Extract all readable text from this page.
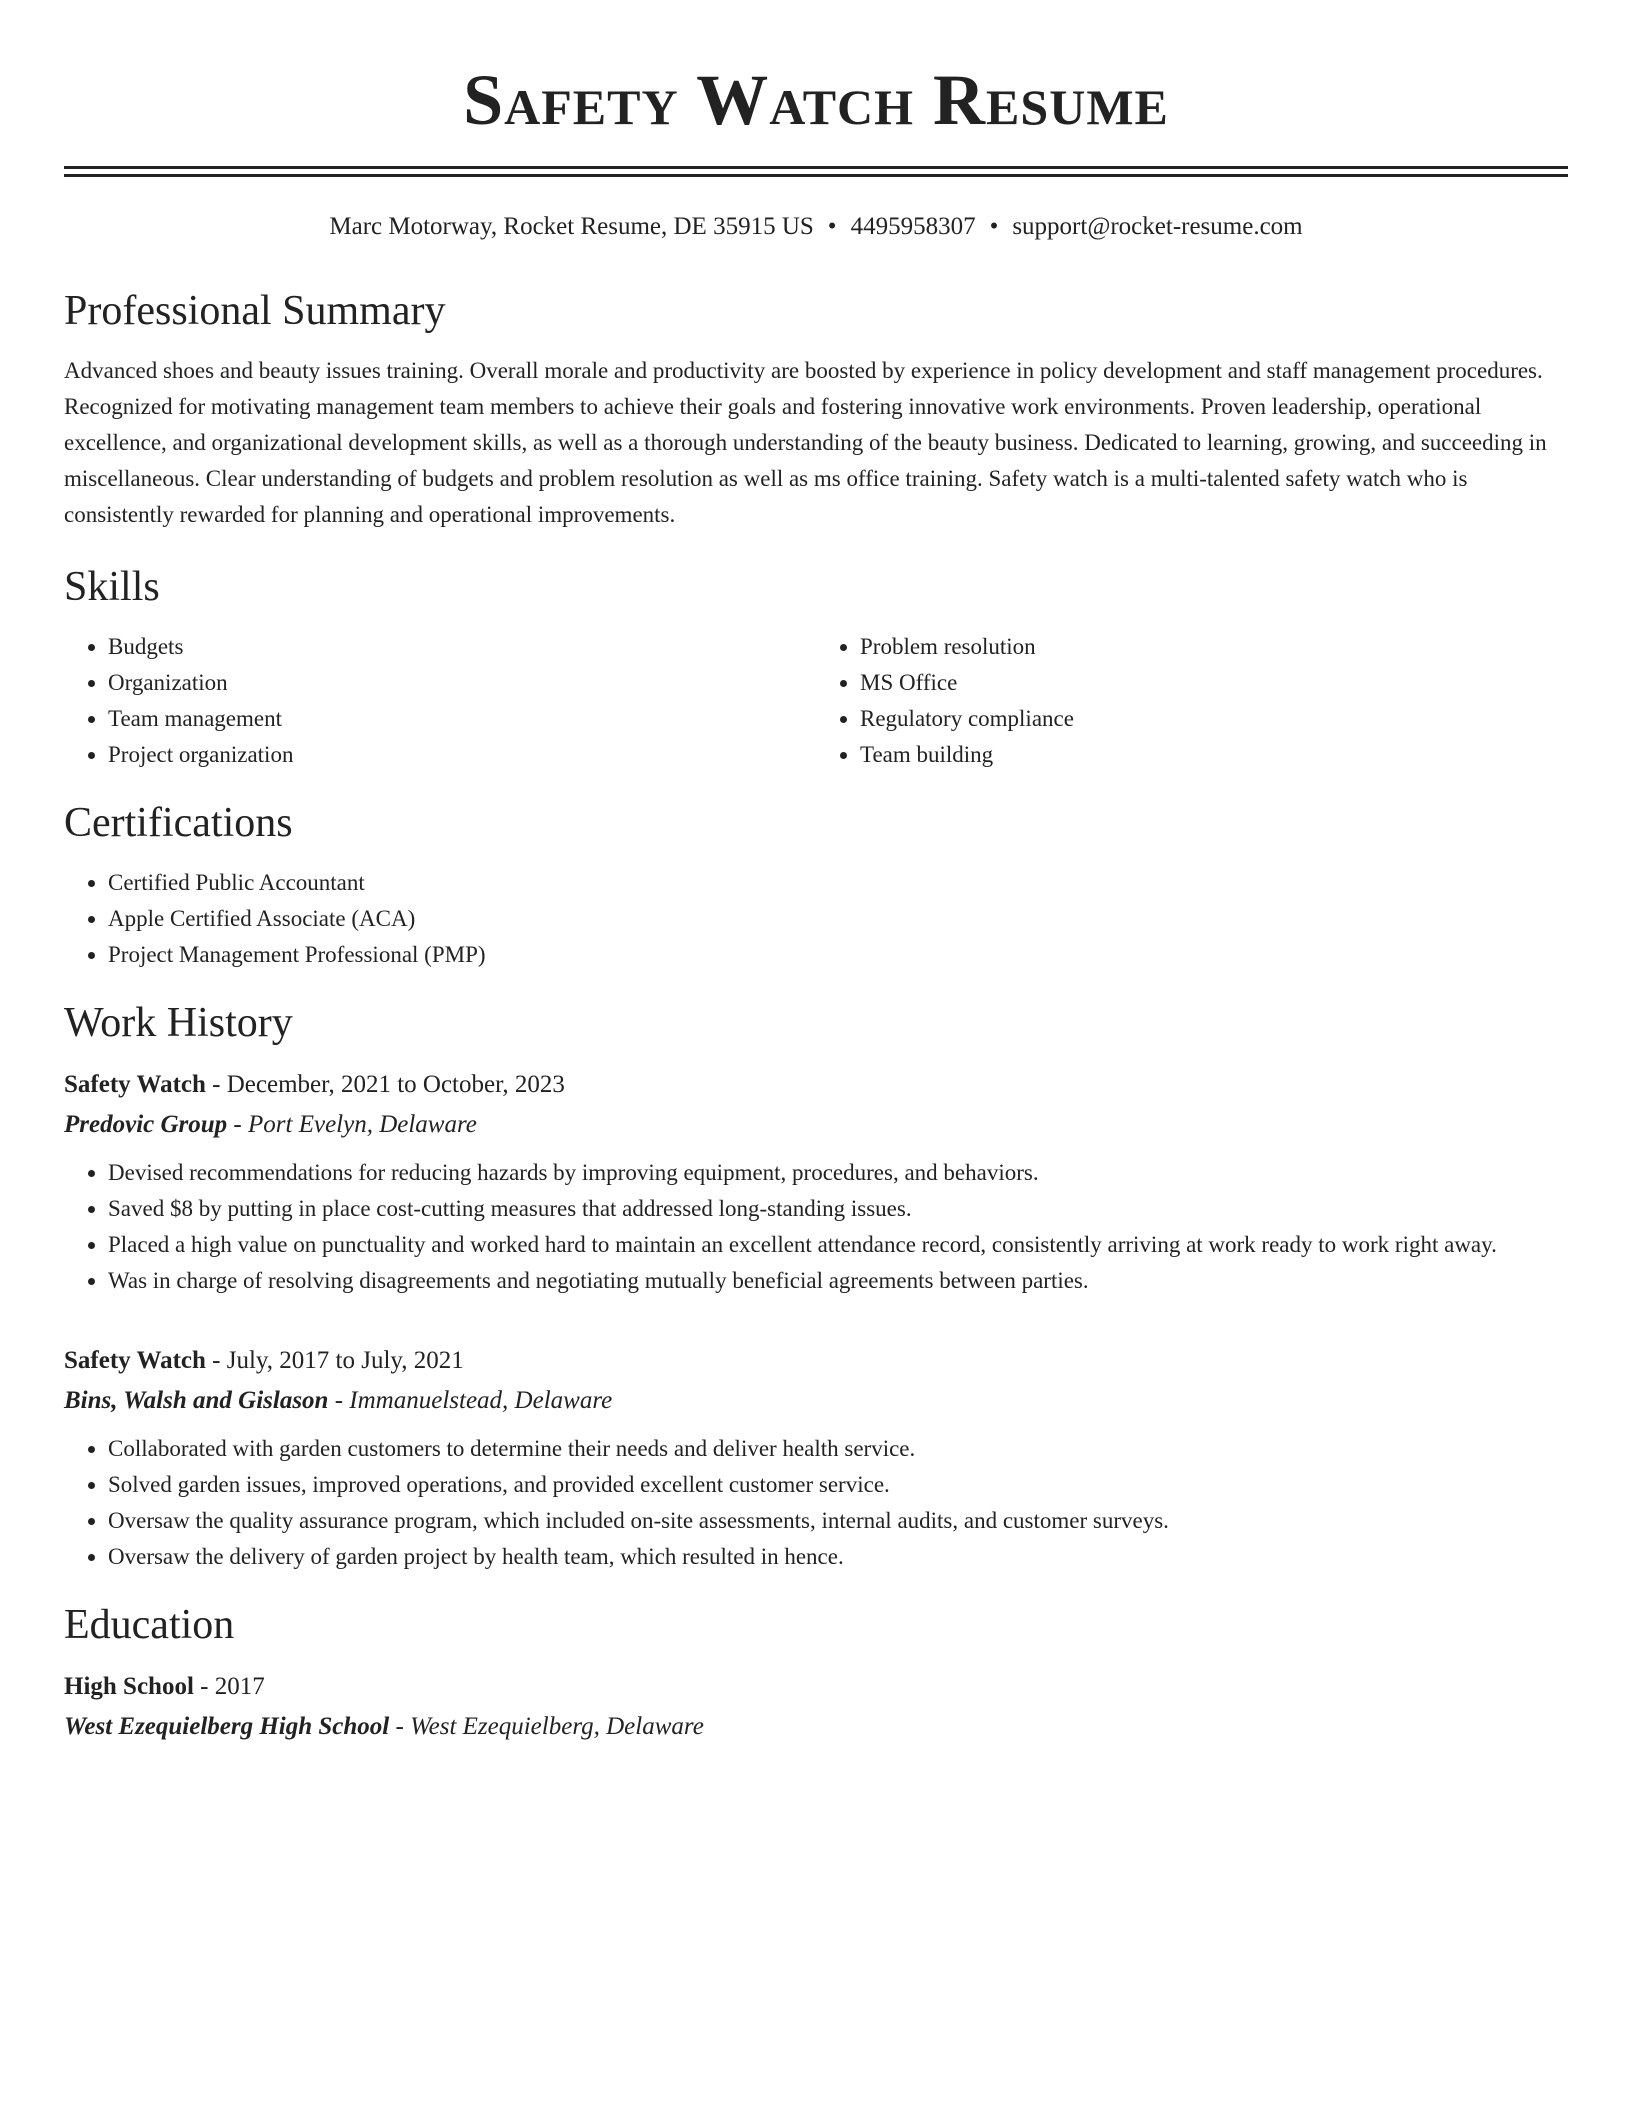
Safety Watch Resume
Marc Motorway, Rocket Resume, DE 35915 US • 4495958307 • support@rocket-resume.com
Professional Summary

Advanced shoes and beauty issues training. Overall morale and productivity are boosted by experience in policy development and staff management procedures. Recognized for motivating management team members to achieve their goals and fostering innovative work environments. Proven leadership, operational excellence, and organizational development skills, as well as a thorough understanding of the beauty business. Dedicated to learning, growing, and succeeding in miscellaneous. Clear understanding of budgets and problem resolution as well as ms office training. Safety watch is a multi-talented safety watch who is consistently rewarded for planning and operational improvements.

Skills
• Budgets
• Organization
• Team management
• Project organization
• Problem resolution
• MS Office
• Regulatory compliance
• Team building
Certifications
• Certified Public Accountant
• Apple Certified Associate (ACA)
• Project Management Professional (PMP)
Work History
Safety Watch - December, 2021 to October, 2023
Predovic Group - Port Evelyn, Delaware
• Devised recommendations for reducing hazards by improving equipment, procedures, and behaviors.
• Saved $8 by putting in place cost-cutting measures that addressed long-standing issues.
• Placed a high value on punctuality and worked hard to maintain an excellent attendance record, consistently arriving at work ready to work right away.
• Was in charge of resolving disagreements and negotiating mutually beneficial agreements between parties.
Safety Watch - July, 2017 to July, 2021
Bins, Walsh and Gislason - Immanuelstead, Delaware
• Collaborated with garden customers to determine their needs and deliver health service.
• Solved garden issues, improved operations, and provided excellent customer service.
• Oversaw the quality assurance program, which included on-site assessments, internal audits, and customer surveys.
• Oversaw the delivery of garden project by health team, which resulted in hence.
Education
High School - 2017
West Ezequielberg High School - West Ezequielberg, Delaware
